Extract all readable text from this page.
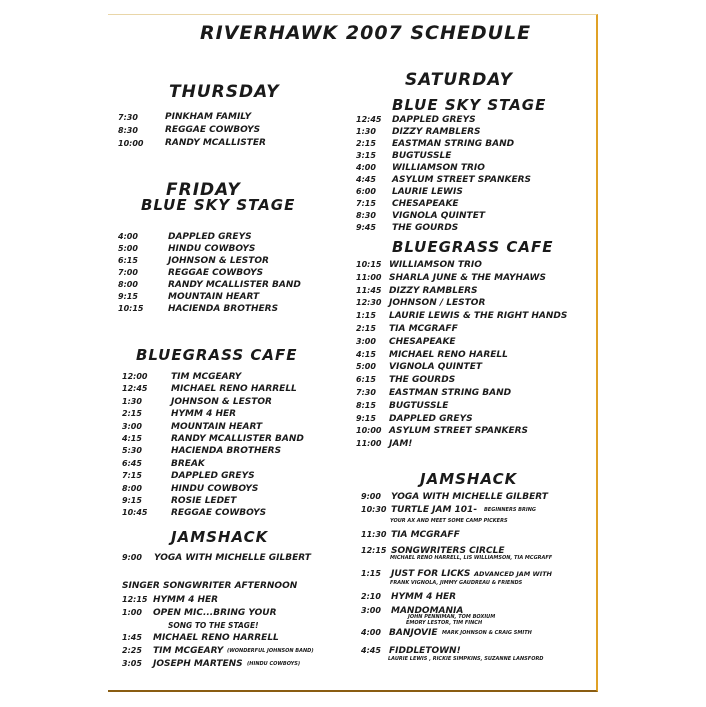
RIVERHAWK 2007 SCHEDULE
THURSDAY
7:30	PINKHAM FAMILY
8:30	REGGAE COWBOYS
10:00 RANDY MCALLISTER
FRIDAY
BLUE SKY STAGE
4:00	DAPPLED GREYS
5:00	HINDU COWBOYS
6:15	JOHNSON & LESTOR
7:00	REGGAE COWBOYS
8:00	RANDY MCALLISTER BAND
9:15	MOUNTAIN HEART
10:15	HACIENDA BROTHERS
BLUEGRASS CAFE
12:00	TIM MCGEARY
12:45	MICHAEL RENO HARRELL
1:30	JOHNSON & LESTOR
2:15	HYMM 4 HER
3:00	MOUNTAIN HEART
4:15	RANDY MCALLISTER BAND
5:30	HACIENDA BROTHERS
6:45	BREAK
7:15	DAPPLED GREYS
8:00	HINDU COWBOYS
9:15	ROSIE LEDET
10:45	REGGAE COWBOYS
JAMSHACK
9:00 YOGA WITH MICHELLE GILBERT
SINGER SONGWRITER AFTERNOON
12:15 HYMM 4 HER
1:00 OPEN MIC...BRING YOUR
SONG TO THE STAGE!
1:45 MICHAEL RENO HARRELL
2:25 TIM MCGEARY (WONDERFUL JOHNSON BAND)
3:05 JOSEPH MARTENS (HINDU COWBOYS)
SATURDAY
BLUE SKY STAGE
12:45 DAPPLED GREYS
1:30 DIZZY RAMBLERS
2:15 EASTMAN STRING BAND
3:15 BUGTUSSLE
4:00 WILLIAMSON TRIO
4:45 ASYLUM STREET SPANKERS
6:00 LAURIE LEWIS
7:15 CHESAPEAKE
8:30 VIGNOLA QUINTET
9:45 THE GOURDS
BLUEGRASS CAFE
10:15 WILLIAMSON TRIO
11:00 SHARLA JUNE & THE MAYHAWS
11:45 DIZZY RAMBLERS
12:30 JOHNSON / LESTOR
1:15 LAURIE LEWIS & THE RIGHT HANDS
2:15 TIA MCGRAFF
3:00 CHESAPEAKE
4:15 MICHAEL RENO HARELL
5:00 VIGNOLA QUINTET
6:15 THE GOURDS
7:30 EASTMAN STRING BAND
8:15 BUGTUSSLE
9:15 DAPPLED GREYS
10:00 ASYLUM STREET SPANKERS
11:00 JAM!
JAMSHACK
9:00 YOGA WITH MICHELLE GILBERT
10:30 TURTLE JAM 101- BEGINNERS BRING
YOUR AX AND MEET SOME CAMP PICKERS
11:30 TIA MCGRAFF
12:15 SONGWRITERS CIRCLE
MICHAEL RENO HARRELL, LIS WILLIAMSON, TIA MCGRAFF
1:15 JUST FOR LICKS ADVANCED JAM WITH
FRANK VIGNOLA, JIMMY GAUDREAU & FRIENDS
2:10 HYMM 4 HER
3:00 MANDOMANIA
JOHN PENNIMAN, TOM BOXIUM
EMORY LESTOR, TIM FINCH
4:00 BANJOVIE MARK JOHNSON & CRAIG SMITH
4:45 FIDDLETOWN!
LAURIE LEWIS , RICKIE SIMPKINS, SUZANNE LANSFORD
